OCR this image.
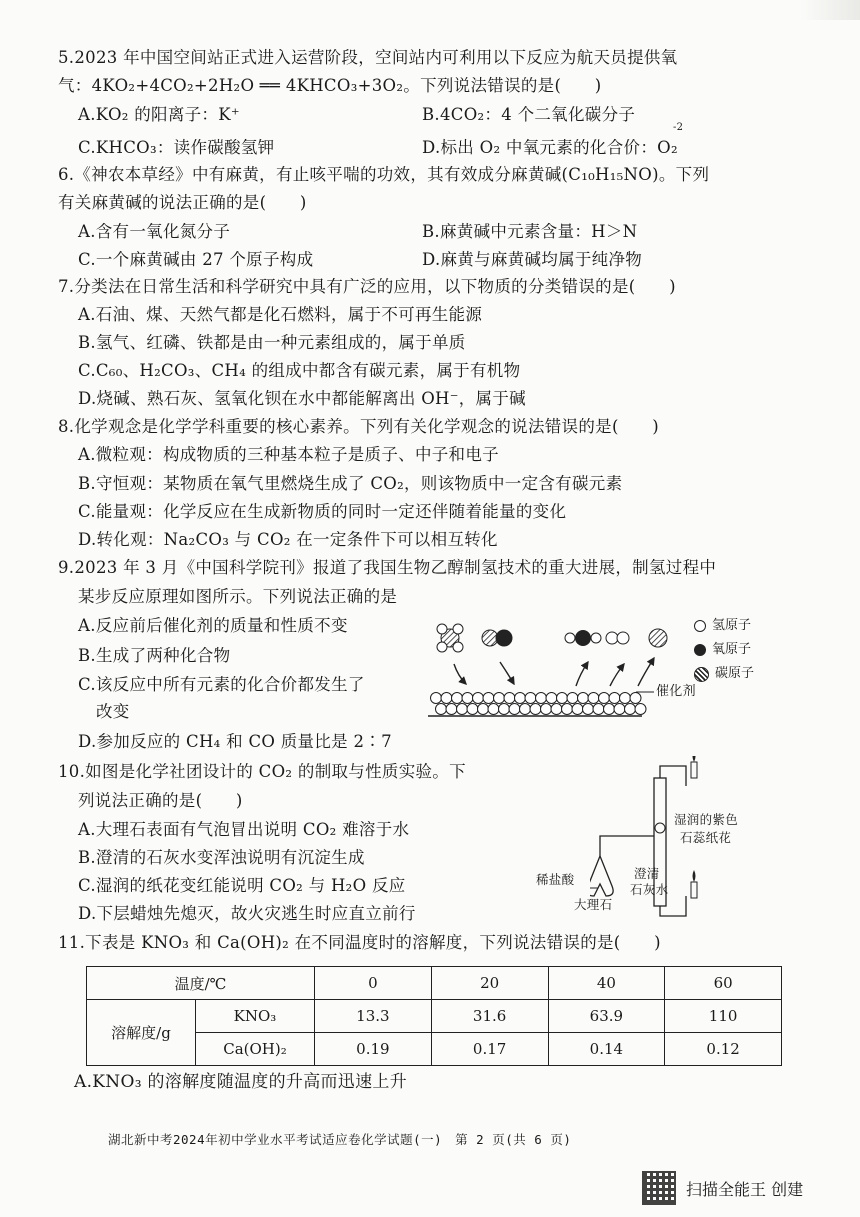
5.2023 年中国空间站正式进入运营阶段，空间站内可利用以下反应为航天员提供氧
气：4KO₂+4CO₂+2H₂O ══ 4KHCO₃+3O₂。下列说法错误的是(　　)
A.KO₂ 的阳离子：K⁺	B.4CO₂：4 个二氧化碳分子
C.KHCO₃：读作碳酸氢钾	D.标出 O₂ 中氧元素的化合价：O₂
-2
6.《神农本草经》中有麻黄，有止咳平喘的功效，其有效成分麻黄碱(C₁₀H₁₅NO)。下列
有关麻黄碱的说法正确的是(　　)
A.含有一氧化氮分子	B.麻黄碱中元素含量：H＞N
C.一个麻黄碱由 27 个原子构成	D.麻黄与麻黄碱均属于纯净物
7.分类法在日常生活和科学研究中具有广泛的应用，以下物质的分类错误的是(　　)
A.石油、煤、天然气都是化石燃料，属于不可再生能源
B.氢气、红磷、铁都是由一种元素组成的，属于单质
C.C₆₀、H₂CO₃、CH₄ 的组成中都含有碳元素，属于有机物
D.烧碱、熟石灰、氢氧化钡在水中都能解离出 OH⁻，属于碱
8.化学观念是化学学科重要的核心素养。下列有关化学观念的说法错误的是(　　)
A.微粒观：构成物质的三种基本粒子是质子、中子和电子
B.守恒观：某物质在氧气里燃烧生成了 CO₂，则该物质中一定含有碳元素
C.能量观：化学反应在生成新物质的同时一定还伴随着能量的变化
D.转化观：Na₂CO₃ 与 CO₂ 在一定条件下可以相互转化
9.2023 年 3 月《中国科学院刊》报道了我国生物乙醇制氢技术的重大进展，制氢过程中
某步反应原理如图所示。下列说法正确的是
A.反应前后催化剂的质量和性质不变
B.生成了两种化合物
C.该反应中所有元素的化合价都发生了
改变
D.参加反应的 CH₄ 和 CO 质量比是 2∶7
催化剂
氢原子
氧原子
碳原子
10.如图是化学社团设计的 CO₂ 的制取与性质实验。下
列说法正确的是(　　)
A.大理石表面有气泡冒出说明 CO₂ 难溶于水
B.澄清的石灰水变浑浊说明有沉淀生成
C.湿润的纸花变红能说明 CO₂ 与 H₂O 反应
D.下层蜡烛先熄灭，故火灾逃生时应直立前行
湿润的紫色
石蕊纸花
稀盐酸	澄清
石灰水
大理石
11.下表是 KNO₃ 和 Ca(OH)₂ 在不同温度时的溶解度，下列说法错误的是(　　)
温度/℃		0	20	40	60
溶解度/g	KNO₃	13.3	31.6	63.9	110
	Ca(OH)₂	0.19	0.17	0.14	0.12
A.KNO₃ 的溶解度随温度的升高而迅速上升
湖北新中考2024年初中学业水平考试适应卷化学试题(一)　第 2 页(共 6 页)
扫描全能王 创建
